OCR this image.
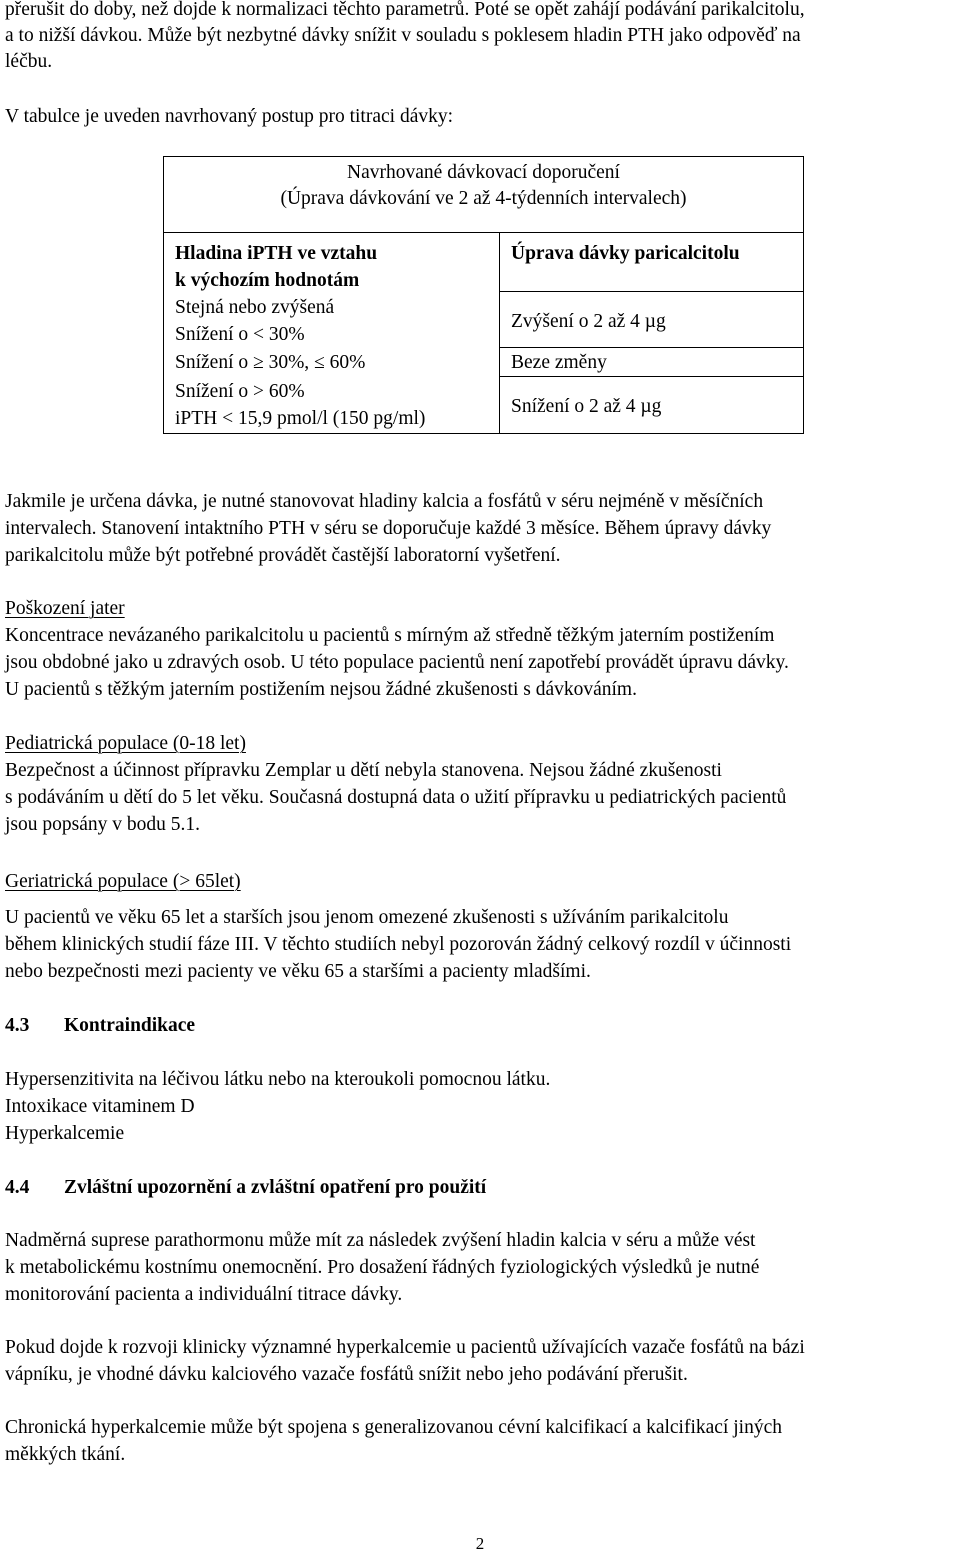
přerušit do doby, než dojde k normalizaci těchto parametrů. Poté se opět zahájí podávání parikalcitolu,
a to nižší dávkou. Může být nezbytné dávky snížit v souladu s poklesem hladin PTH jako odpověď na
léčbu.
V tabulce je uveden navrhovaný postup pro titraci dávky:
Navrhované dávkovací doporučení
(Úprava dávkování ve 2 až 4-týdenních intervalech)
Hladina iPTH ve vztahu
k výchozím hodnotám
Úprava dávky paricalcitolu
Stejná nebo zvýšená
Snížení o < 30%
Zvýšení o 2 až 4 µg
Snížení o ≥ 30%, ≤ 60%	Beze změny
Snížení o > 60%
iPTH < 15,9 pmol/l (150 pg/ml)
Snížení o 2 až 4 µg
Jakmile je určena dávka, je nutné stanovovat hladiny kalcia a fosfátů v séru nejméně v měsíčních
intervalech. Stanovení intaktního PTH v séru se doporučuje každé 3 měsíce. Během úpravy dávky
parikalcitolu může být potřebné provádět častější laboratorní vyšetření.
Poškození jater
Koncentrace nevázaného parikalcitolu u pacientů s mírným až středně těžkým jaterním postižením
jsou obdobné jako u zdravých osob. U této populace pacientů není zapotřebí provádět úpravu dávky.
U pacientů s těžkým jaterním postižením nejsou žádné zkušenosti s dávkováním.
Pediatrická populace (0-18 let)
Bezpečnost a účinnost přípravku Zemplar u dětí nebyla stanovena. Nejsou žádné zkušenosti
s podáváním u dětí do 5 let věku. Současná dostupná data o užití přípravku u pediatrických pacientů
jsou popsány v bodu 5.1.
Geriatrická populace (> 65let)
U pacientů ve věku 65 let a starších jsou jenom omezené zkušenosti s užíváním parikalcitolu
během klinických studií fáze III. V těchto studiích nebyl pozorován žádný celkový rozdíl v účinnosti
nebo bezpečnosti mezi pacienty ve věku 65 a staršími a pacienty mladšími.
4.3 Kontraindikace
Hypersenzitivita na léčivou látku nebo na kteroukoli pomocnou látku.
Intoxikace vitaminem D
Hyperkalcemie
4.4 Zvláštní upozornění a zvláštní opatření pro použití
Nadměrná suprese parathormonu může mít za následek zvýšení hladin kalcia v séru a může vést
k metabolickému kostnímu onemocnění. Pro dosažení řádných fyziologických výsledků je nutné
monitorování pacienta a individuální titrace dávky.
Pokud dojde k rozvoji klinicky významné hyperkalcemie u pacientů užívajících vazače fosfátů na bázi
vápníku, je vhodné dávku kalciového vazače fosfátů snížit nebo jeho podávání přerušit.
Chronická hyperkalcemie může být spojena s generalizovanou cévní kalcifikací a kalcifikací jiných
měkkých tkání.
2
